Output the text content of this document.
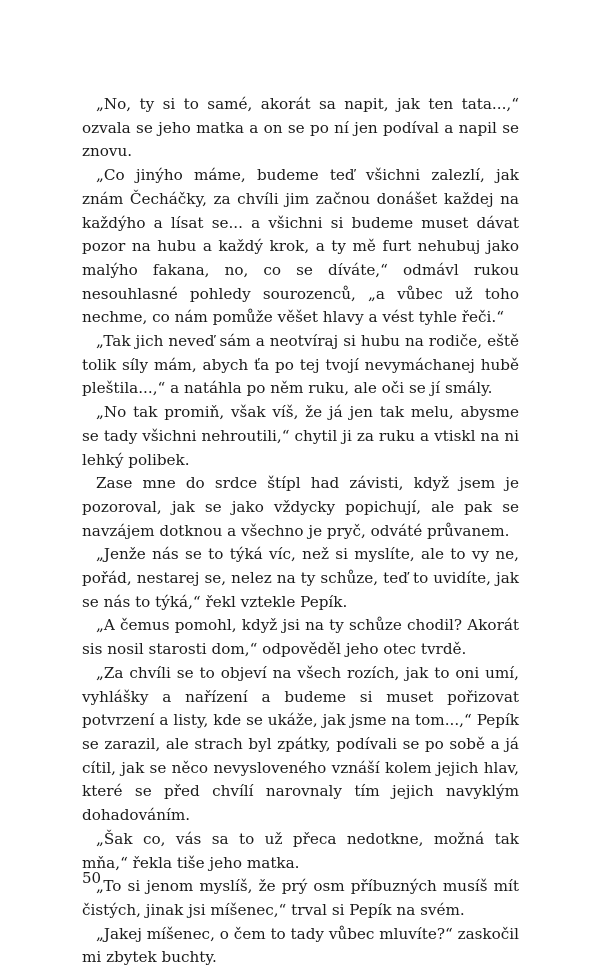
„No, ty si to samé, akorát sa napit, jak ten tata...,“ ozvala se jeho matka a on se po ní jen podíval a napil se znovu.

„Co jinýho máme, budeme teď všichni zalezlí, jak znám Čecháčky, za chvíli jim začnou donášet každej na každýho a lísat se... a všichni si budeme muset dávat pozor na hubu a každý krok, a ty mě furt nehubuj jako malýho fakana, no, co se díváte,“ odmávl rukou nesouhlasné pohledy sourozenců, „a vůbec už toho nechme, co nám pomůže věšet hlavy a vést tyhle řeči.“

„Tak jich neveď sám a neotvíraj si hubu na rodiče, eště tolik síly mám, abych ťa po tej tvojí nevymáchanej hubě pleštila...,“ a natáhla po něm ruku, ale oči se jí smály.

„No tak promiň, však víš, že já jen tak melu, abysme se tady všichni nehroutili,“ chytil ji za ruku a vtiskl na ni lehký polibek.

Zase mne do srdce štípl had závisti, když jsem je pozoroval, jak se jako vždycky popichují, ale pak se navzájem dotknou a všechno je pryč, odváté průvanem.

„Jenže nás se to týká víc, než si myslíte, ale to vy ne, pořád, nestarej se, nelez na ty schůze, teď to uvidíte, jak se nás to týká,“ řekl vztekle Pepík.

„A čemus pomohl, když jsi na ty schůze chodil? Akorát sis nosil starosti dom,“ odpověděl jeho otec tvrdě.

„Za chvíli se to objeví na všech rozích, jak to oni umí, vyhlášky a nařízení a budeme si muset pořizovat potvrzení a listy, kde se ukáže, jak jsme na tom...,“ Pepík se zarazil, ale strach byl zpátky, podívali se po sobě a já cítil, jak se něco nevysloveného vznáší kolem jejich hlav, které se před chvílí narovnaly tím jejich navyklým dohadováním.

„Šak co, vás sa to už přeca nedotkne, možná tak mňa,“ řekla tiše jeho matka.

„To si jenom myslíš, že prý osm příbuzných musíš mít čistých, jinak jsi míšenec,“ trval si Pepík na svém.

„Jakej míšenec, o čem to tady vůbec mluvíte?“ zaskočil mi zbytek buchty.

50
